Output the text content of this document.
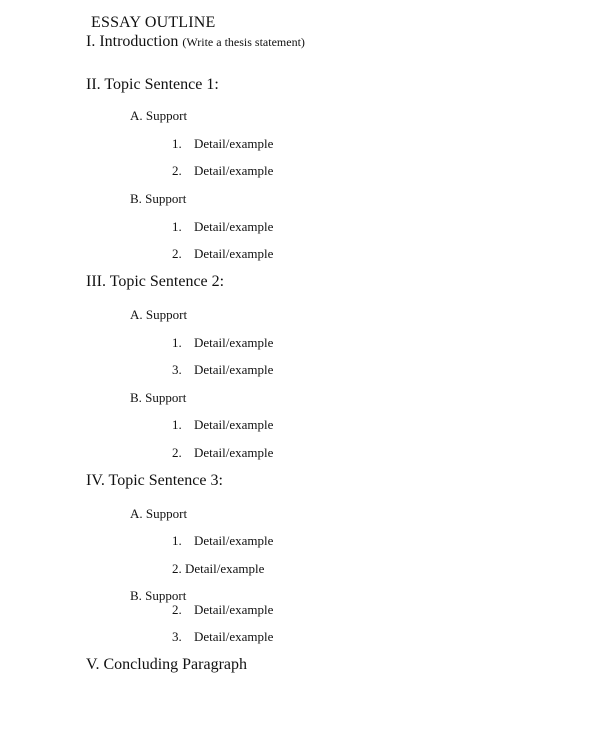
ESSAY OUTLINE
I. Introduction (Write a thesis statement)
II. Topic Sentence 1:
A. Support
1. Detail/example
2. Detail/example
B. Support
1. Detail/example
2. Detail/example
III. Topic Sentence 2:
A. Support
1. Detail/example
3. Detail/example
B. Support
1. Detail/example
2. Detail/example
IV. Topic Sentence 3:
A. Support
1. Detail/example
2. Detail/example
B. Support
2. Detail/example
3. Detail/example
V. Concluding Paragraph
